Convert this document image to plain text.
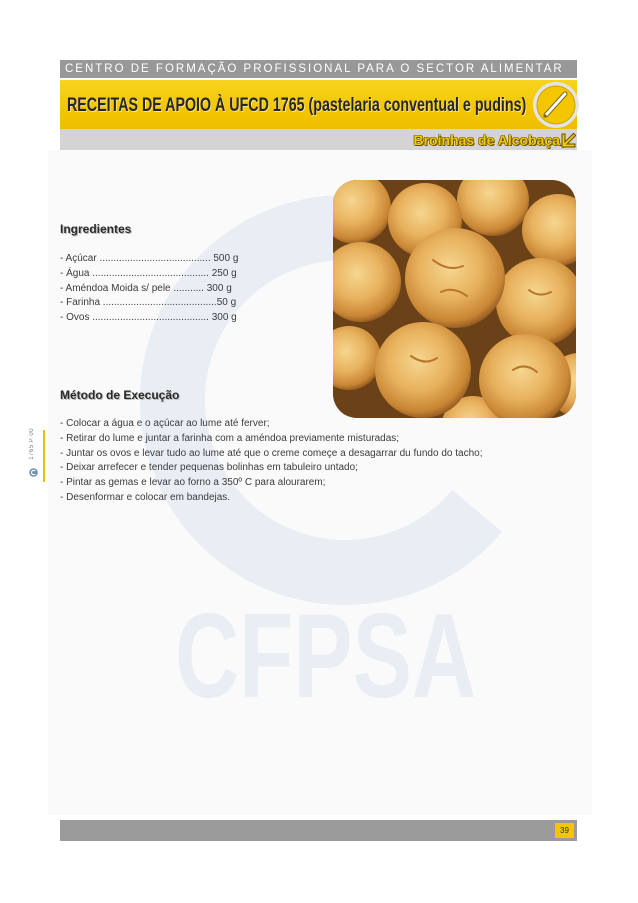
CFPSA
CENTRO DE FORMAÇÃO PROFISSIONAL PARA O SECTOR ALIMENTAR
RECEITAS DE APOIO À UFCD 1765 (pastelaria conventual e pudins)
Broinhas de Alcobaça
1765 P 00
Ingredientes
- Açúcar ........................................ 500 g
- Água .......................................... 250 g
- Améndoa Moida s/ pele ........... 300 g
- Farinha .........................................50 g
- Ovos .......................................... 300 g
Método de Execução
- Colocar a água e o açúcar ao lume até ferver;
- Retirar do lume e juntar a farinha com a améndoa previamente misturadas;
- Juntar os ovos e levar tudo ao lume até que o creme começe a desagarrar du fundo do tacho;
- Deixar arrefecer e tender pequenas bolinhas em tabuleiro untado;
- Pintar as gemas e levar ao forno a 350º C para alourarem;
- Desenformar e colocar em bandejas.
39
